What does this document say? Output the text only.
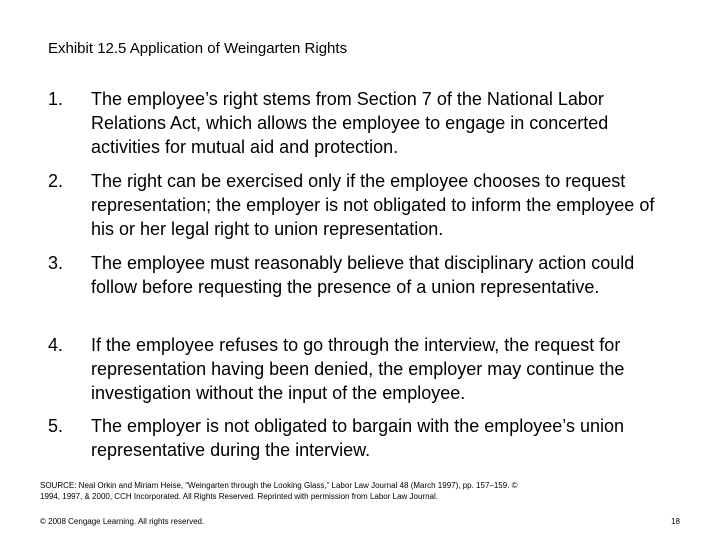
Exhibit 12.5 Application of Weingarten Rights
1.	The employee’s right stems from Section 7 of the National Labor Relations Act, which allows the employee to engage in concerted activities for mutual aid and protection.
2.	The right can be exercised only if the employee chooses to request representation; the employer is not obligated to inform the employee of his or her legal right to union representation.
3.	The employee must reasonably believe that disciplinary action could follow before requesting the presence of a union representative.
4.	If the employee refuses to go through the interview, the request for representation having been denied, the employer may continue the investigation without the input of the employee.
5.	The employer is not obligated to bargain with the employee’s union representative during the interview.
SOURCE: Neal Orkin and Miriam Heise, “Weingarten through the Looking Glass,” Labor Law Journal 48 (March 1997), pp. 157–159. © 1994, 1997, & 2000, CCH Incorporated. All Rights Reserved. Reprinted with permission from Labor Law Journal.
© 2008 Cengage Learning. All rights reserved.	18
